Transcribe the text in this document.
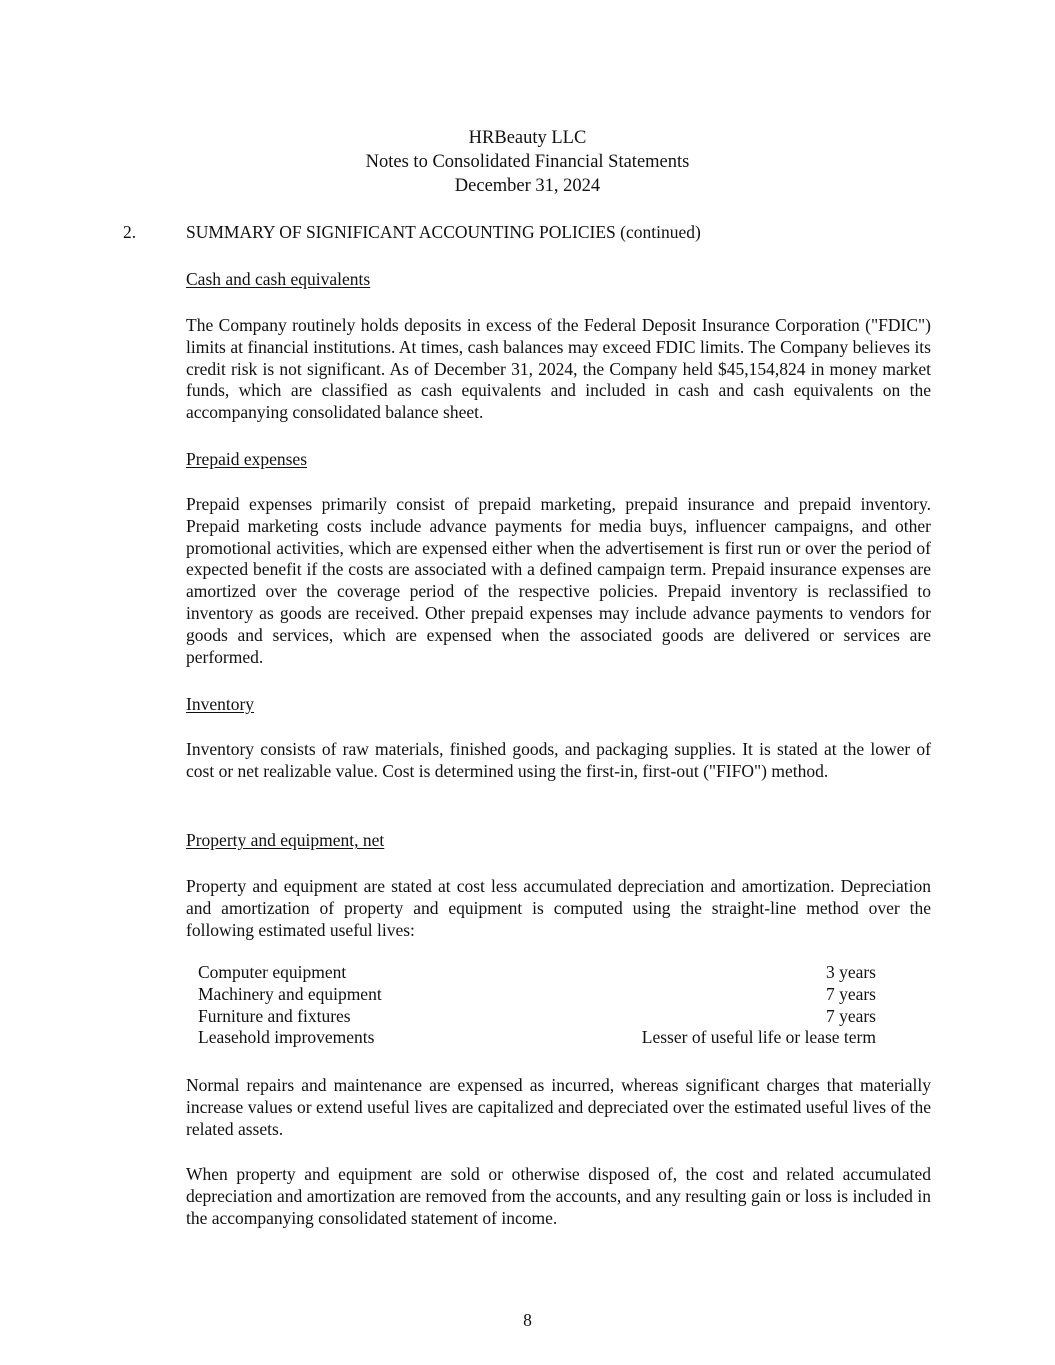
HRBeauty LLC
Notes to Consolidated Financial Statements
December 31, 2024
2.	SUMMARY OF SIGNIFICANT ACCOUNTING POLICIES (continued)
Cash and cash equivalents
The Company routinely holds deposits in excess of the Federal Deposit Insurance Corporation ("FDIC") limits at financial institutions. At times, cash balances may exceed FDIC limits. The Company believes its credit risk is not significant. As of December 31, 2024, the Company held $45,154,824 in money market funds, which are classified as cash equivalents and included in cash and cash equivalents on the accompanying consolidated balance sheet.
Prepaid expenses
Prepaid expenses primarily consist of prepaid marketing, prepaid insurance and prepaid inventory. Prepaid marketing costs include advance payments for media buys, influencer campaigns, and other promotional activities, which are expensed either when the advertisement is first run or over the period of expected benefit if the costs are associated with a defined campaign term. Prepaid insurance expenses are amortized over the coverage period of the respective policies. Prepaid inventory is reclassified to inventory as goods are received. Other prepaid expenses may include advance payments to vendors for goods and services, which are expensed when the associated goods are delivered or services are performed.
Inventory
Inventory consists of raw materials, finished goods, and packaging supplies. It is stated at the lower of cost or net realizable value. Cost is determined using the first-in, first-out ("FIFO") method.
Property and equipment, net
Property and equipment are stated at cost less accumulated depreciation and amortization. Depreciation and amortization of property and equipment is computed using the straight-line method over the following estimated useful lives:
Computer equipment	3 years
Machinery and equipment	7 years
Furniture and fixtures	7 years
Leasehold improvements	Lesser of useful life or lease term
Normal repairs and maintenance are expensed as incurred, whereas significant charges that materially increase values or extend useful lives are capitalized and depreciated over the estimated useful lives of the related assets.
When property and equipment are sold or otherwise disposed of, the cost and related accumulated depreciation and amortization are removed from the accounts, and any resulting gain or loss is included in the accompanying consolidated statement of income.
8
